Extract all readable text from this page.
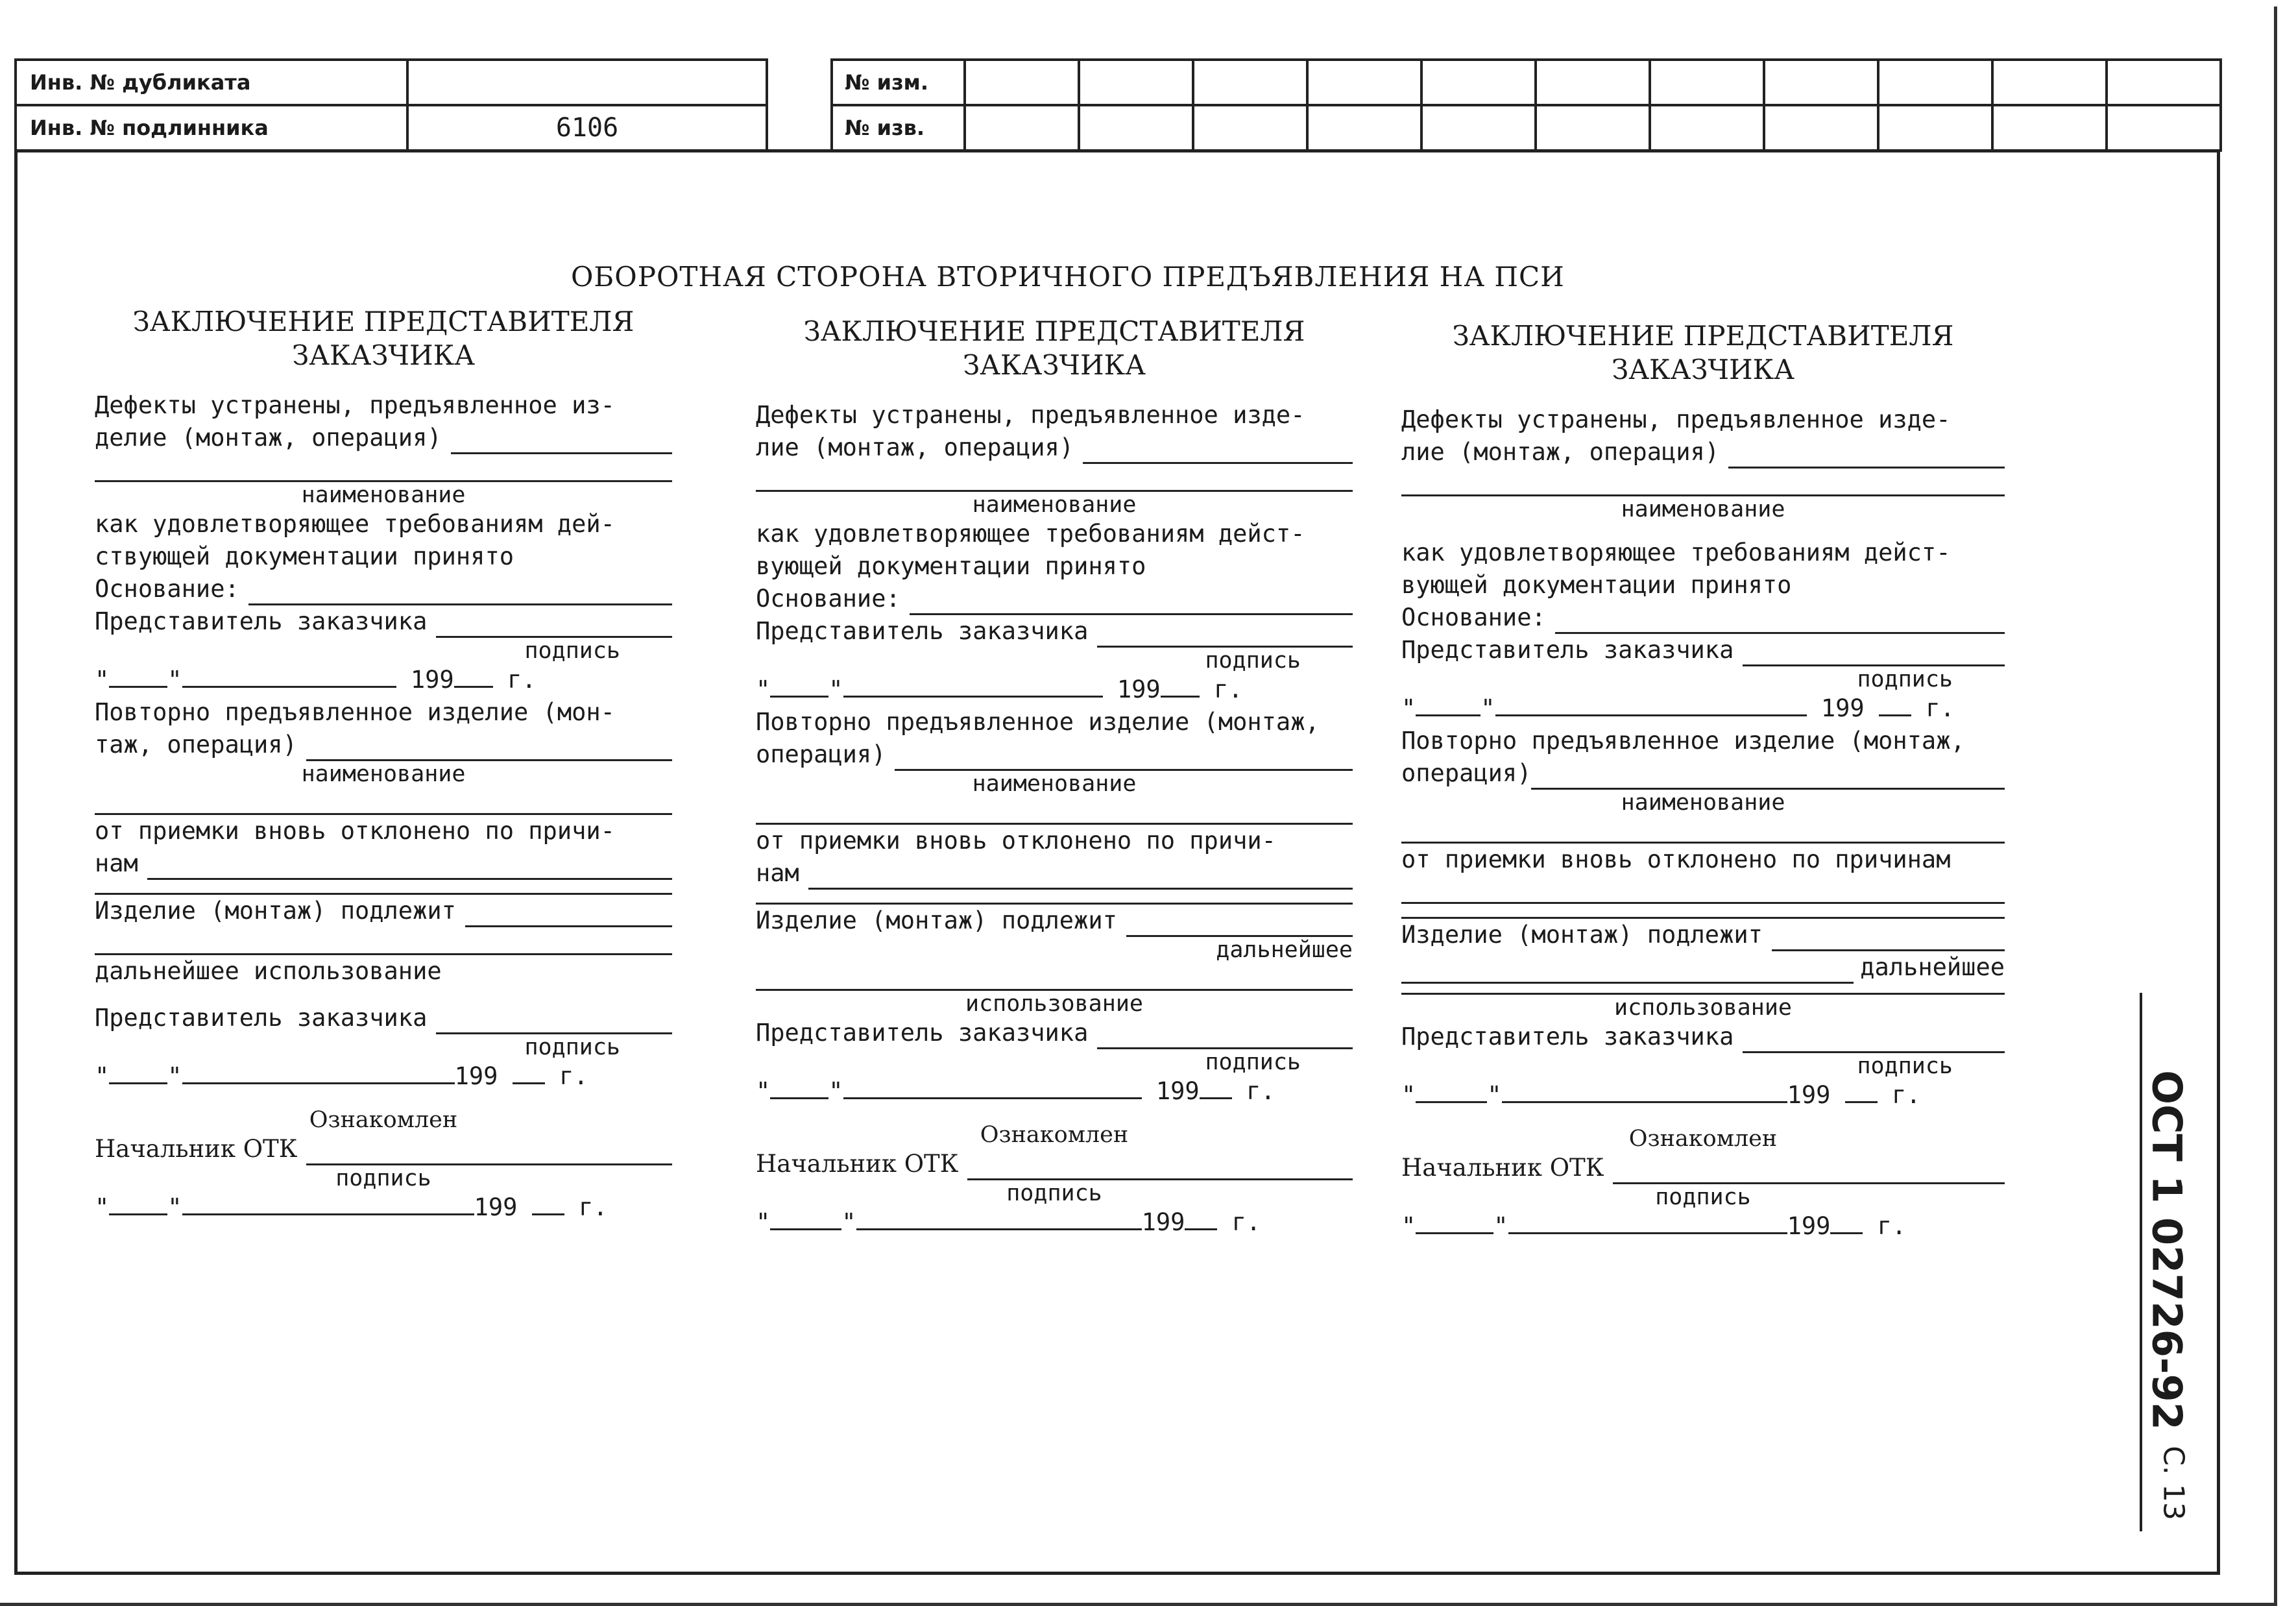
Инв. № дубликата	
Инв. № подлинника	6106
№ изм.											
№ изв.											
ОБОРОТНАЯ СТОРОНА ВТОРИЧНОГО ПРЕДЪЯВЛЕНИЯ НА ПСИ
ЗАКЛЮЧЕНИЕ ПРЕДСТАВИТЕЛЯ
ЗАКАЗЧИКА
Дефекты устранены, предъявленное из-
делие (монтаж, операция)
наименование
как удовлетворяющее требованиям дей-
ствующей документации принято
Основание:
Представитель заказчика
подпись
" "	199 г.
Повторно предъявленное изделие (мон-
таж, операция)
наименование
от приемки вновь отклонено по причи-
нам
Изделие (монтаж) подлежит
дальнейшее использование
Представитель заказчика
подпись
" "	199	г.
Ознакомлен
Начальник ОТК
подпись
" "	199	г.
ЗАКЛЮЧЕНИЕ ПРЕДСТАВИТЕЛЯ
ЗАКАЗЧИКА
Дефекты устранены, предъявленное изде-
лие (монтаж, операция)
наименование
как удовлетворяющее требованиям дейст-
вующей документации принято
Основание:
Представитель заказчика
подпись
" "	199 г.
Повторно предъявленное изделие (монтаж,
операция)
наименование
от приемки вновь отклонено по причи-
нам
Изделие (монтаж) подлежит
дальнейшее
использование
Представитель заказчика
подпись
" "	199 г.
Ознакомлен
Начальник ОТК
подпись
"	"	199 г.
ЗАКЛЮЧЕНИЕ ПРЕДСТАВИТЕЛЯ
ЗАКАЗЧИКА
Дефекты устранены, предъявленное изде-
лие (монтаж, операция)
наименование
как удовлетворяющее требованиям дейст-
вующей документации принято
Основание:
Представитель заказчика
подпись
"	"	199	г.
Повторно предъявленное изделие (монтаж,
операция)
наименование
от приемки вновь отклонено по причинам
Изделие (монтаж) подлежит
дальнейшее
использование
Представитель заказчика
подпись
"	"	199	г.
Ознакомлен
Начальник ОТК
подпись
"	"	199 г.	ОСТ 1 02726-92
С. 13
